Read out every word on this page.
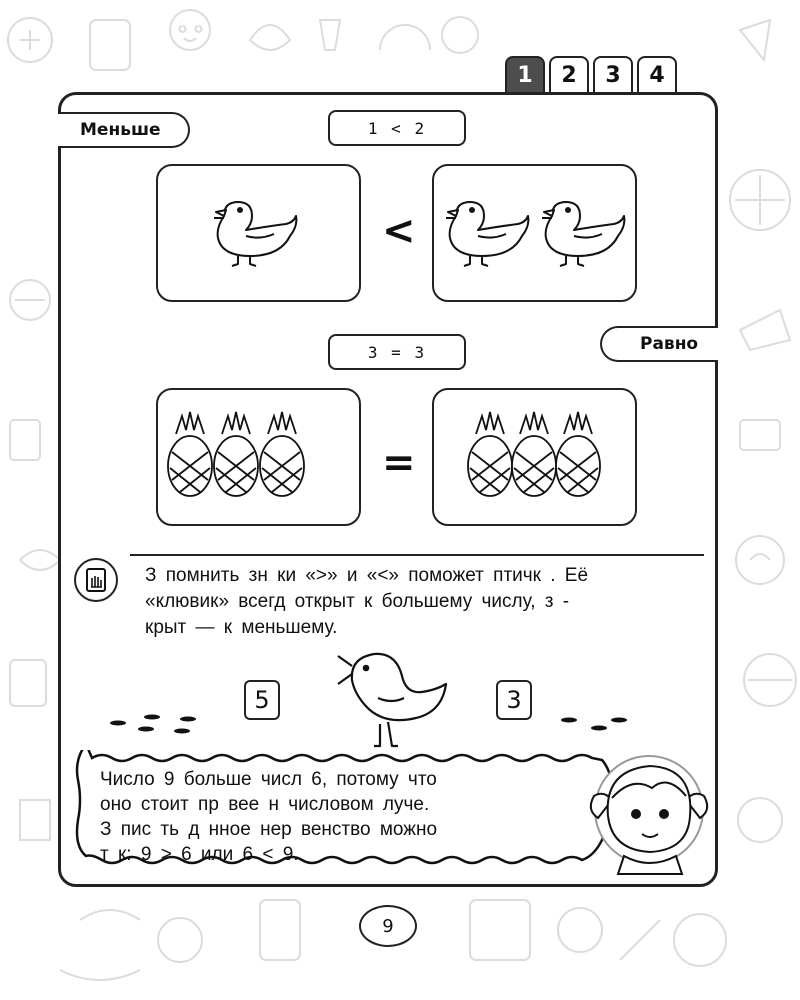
1	2	3	4
Меньше	1 < 2
<
Равно
3 = 3
=
З помнить зн ки «>» и «<» поможет птичк . Её
«клювик» всегд открыт к большему числу, з -
крыт — к меньшему.
5	3
Число 9 больше числ 6, потому что
оно стоит пр вее н числовом луче.
З пис ть д нное нер венство можно
т к: 9 > 6 или 6 < 9.
9
